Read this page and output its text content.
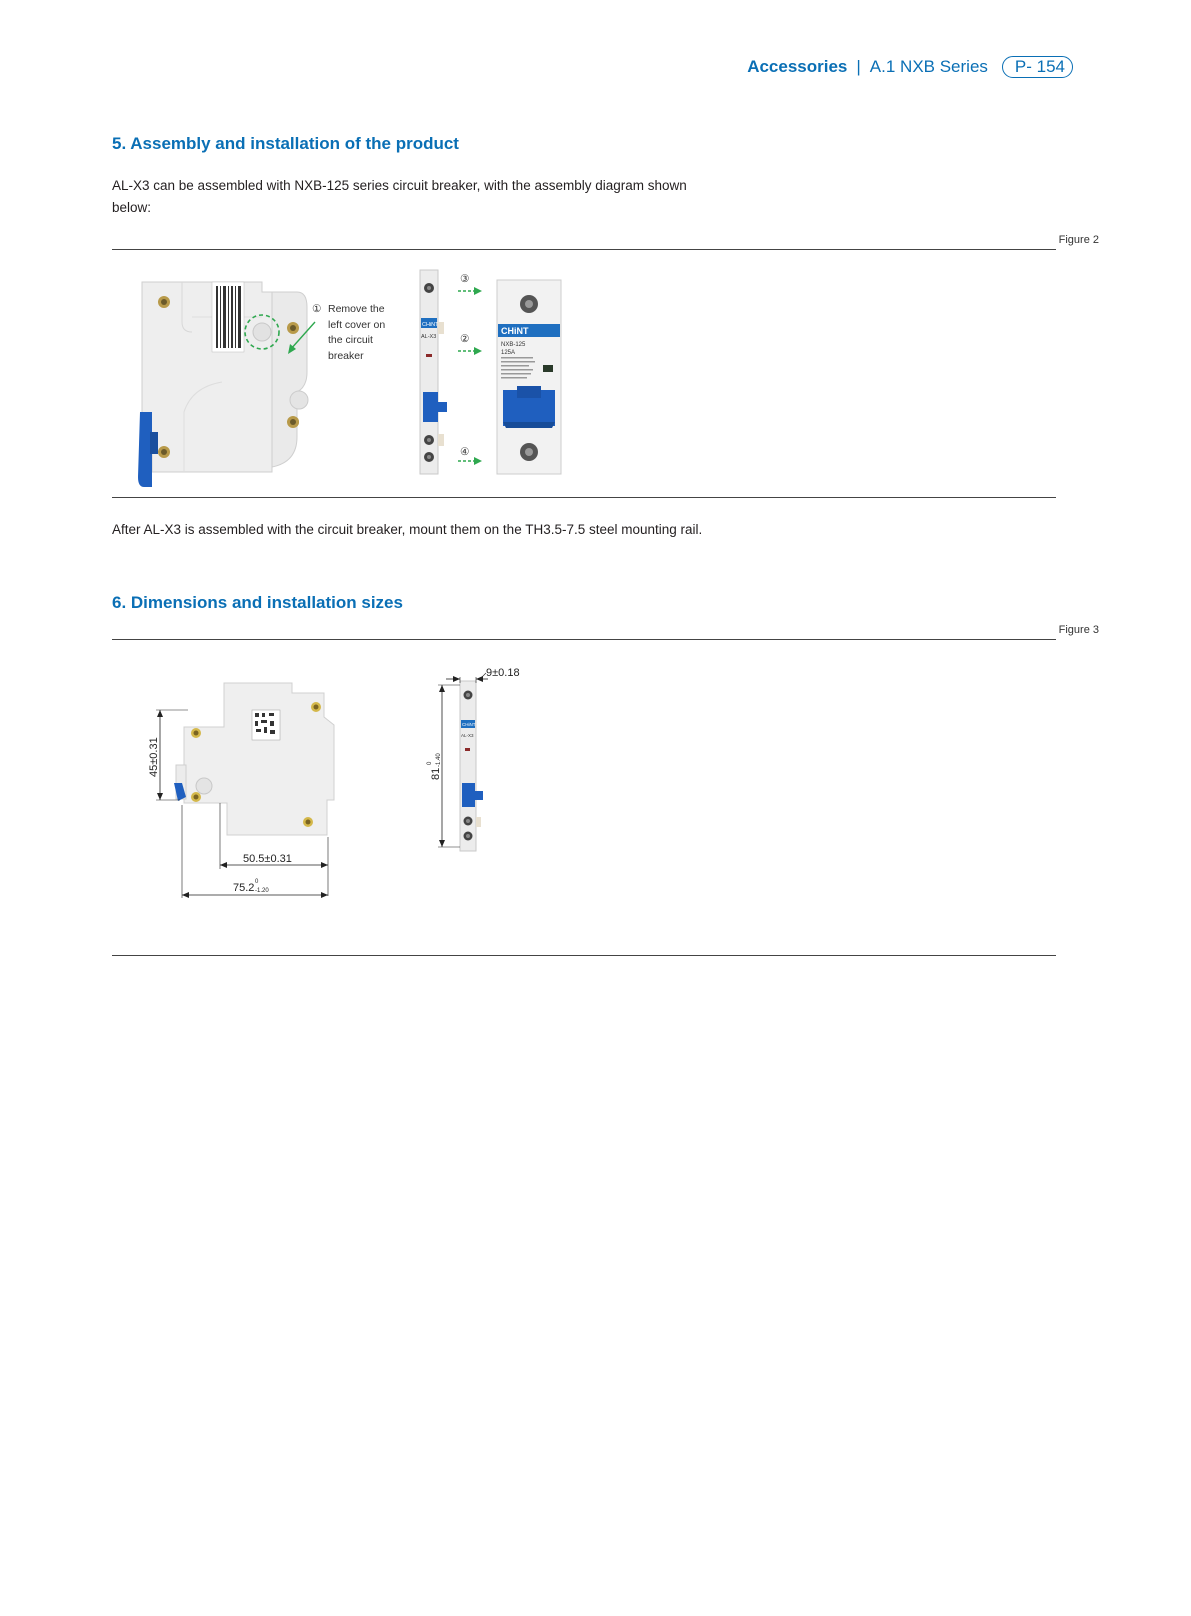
Accessories | A.1 NXB Series	P- 154
5. Assembly and installation of the product

AL-X3 can be assembled with NXB-125 series circuit breaker, with the assembly diagram shown below:

Figure 2
① Remove the
left cover on
the circuit
breaker
CHiNT
AL-X3
③
②
④
CHiNT
NXB-125
125A

After AL-X3 is assembled with the circuit breaker, mount them on the TH3.5-7.5 steel mounting rail.

6. Dimensions and installation sizes
Figure 3
45±0.31
50.5±0.31
75.2 0
-1.20
CHiNT
AL-X3
9±0.18
81
0 -1.40
